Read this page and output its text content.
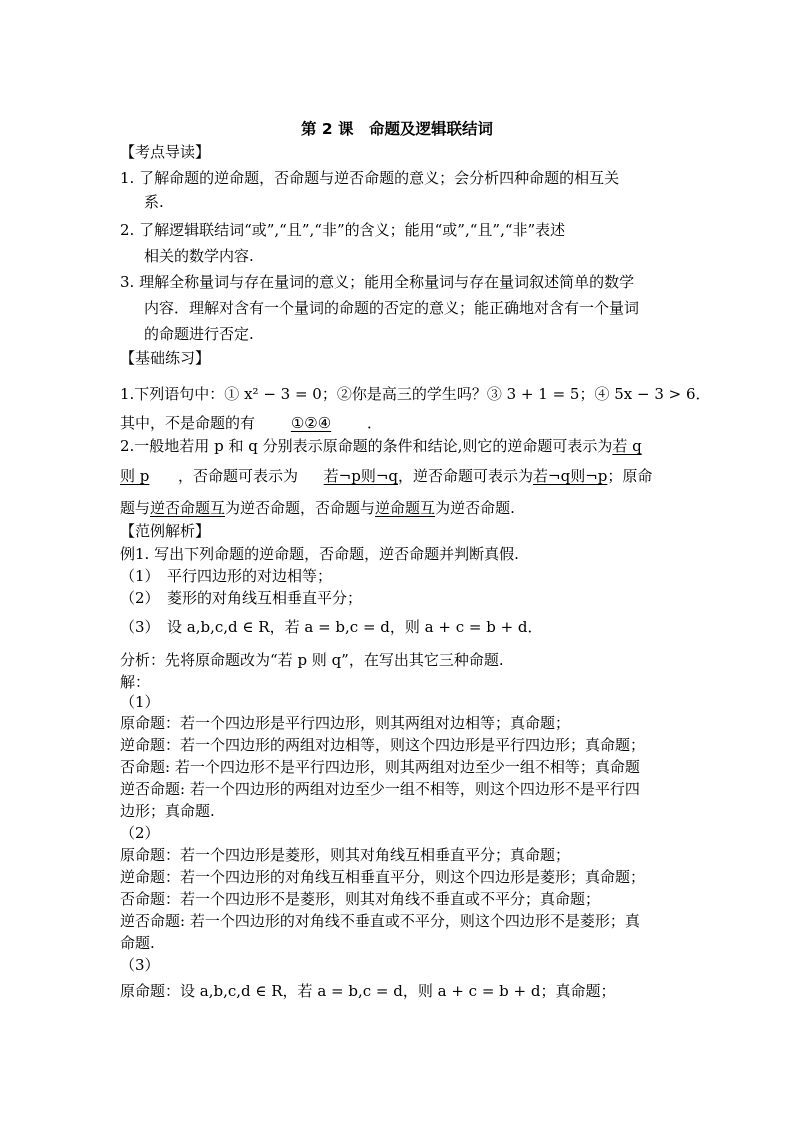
第 2 课　命题及逻辑联结词
【考点导读】
1. 了解命题的逆命题，否命题与逆否命题的意义；会分析四种命题的相互关
系.
2. 了解逻辑联结词“或”,“且”,“非”的含义；能用“或”,“且”,“非”表述
相关的数学内容.
3. 理解全称量词与存在量词的意义；能用全称量词与存在量词叙述简单的数学
内容．理解对含有一个量词的命题的否定的意义；能正确地对含有一个量词
的命题进行否定.
【基础练习】
1.下列语句中：① x² − 3 = 0；②你是高三的学生吗？③ 3 + 1 = 5；④ 5x − 3 > 6．
其中，不是命题的有 ①②④ ．
2.一般地若用 p 和 q 分别表示原命题的条件和结论,则它的逆命题可表示为若 q
则 p ，否命题可表示为 若¬p则¬q，逆否命题可表示为若¬q则¬p；原命
题与逆否命题互为逆否命题，否命题与逆命题互为逆否命题.
【范例解析】
例1. 写出下列命题的逆命题，否命题，逆否命题并判断真假.
（1）　平行四边形的对边相等；
（2）　菱形的对角线互相垂直平分；
（3）　设 a,b,c,d ∈ R，若 a = b,c = d，则 a + c = b + d．
分析：先将原命题改为“若 p 则 q”，在写出其它三种命题.
解：
（1）
原命题：若一个四边形是平行四边形，则其两组对边相等；真命题；
逆命题：若一个四边形的两组对边相等，则这个四边形是平行四边形；真命题；
否命题: 若一个四边形不是平行四边形，则其两组对边至少一组不相等；真命题
逆否命题: 若一个四边形的两组对边至少一组不相等，则这个四边形不是平行四
边形；真命题.
（2）
原命题：若一个四边形是菱形，则其对角线互相垂直平分；真命题；
逆命题：若一个四边形的对角线互相垂直平分，则这个四边形是菱形；真命题；
否命题：若一个四边形不是菱形，则其对角线不垂直或不平分；真命题；
逆否命题: 若一个四边形的对角线不垂直或不平分，则这个四边形不是菱形；真
命题.
（3）
原命题：设 a,b,c,d ∈ R，若 a = b,c = d，则 a + c = b + d；真命题；
